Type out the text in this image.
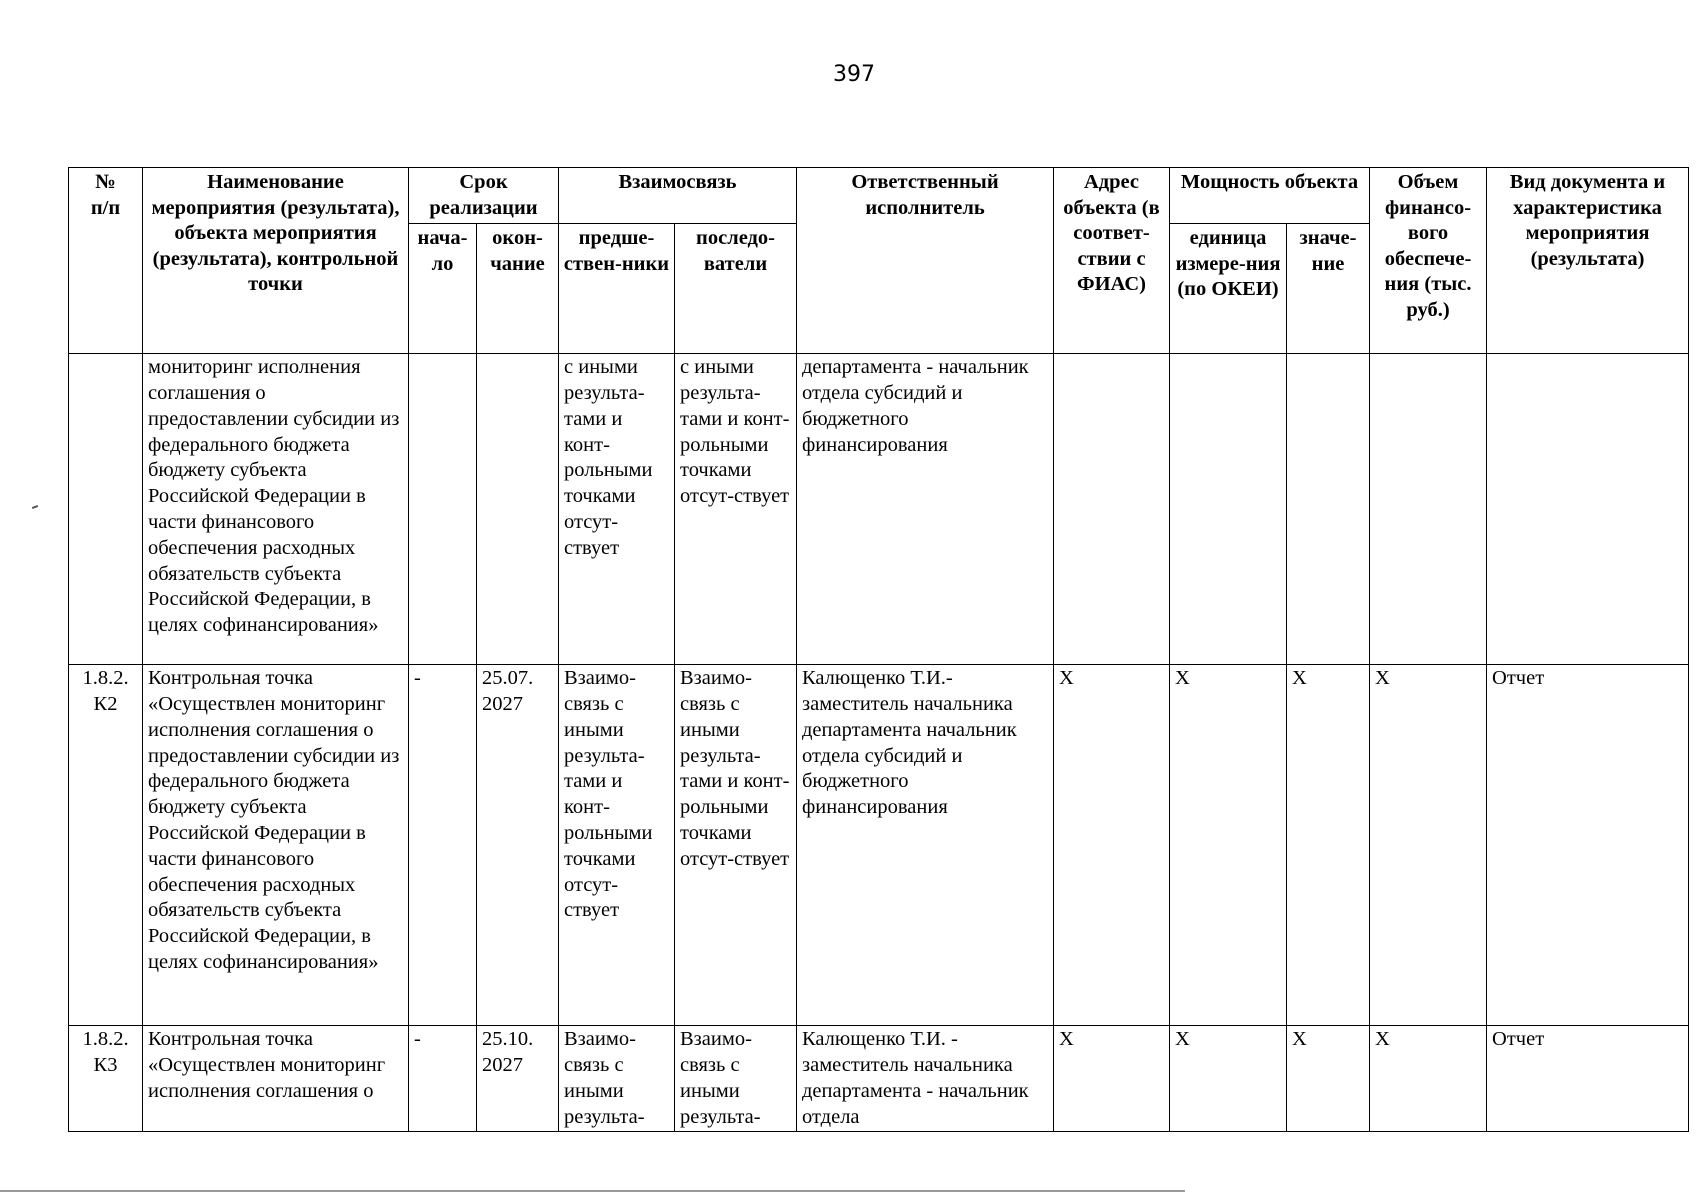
397
№ п/п	Наименование мероприятия (результата), объекта мероприятия (результата), контрольной точки	Срок реализации		Взаимосвязь		Ответственный исполнитель	Адрес объекта (в соответ-ствии с ФИАС)	Мощность объекта		Объем финансо-вого обеспече-ния (тыс. руб.)	Вид документа и характеристика мероприятия (результата)
		нача-ло	окон-чание	предше-ствен-ники	последо-ватели			единица измере-ния (по ОКЕИ)	значе-ние		
	мониторинг исполнения соглашения о предоставлении субсидии из федерального бюджета бюджету субъекта Российской Федерации в части финансового обеспечения расходных обязательств субъекта Российской Федерации, в целях софинансирования»			с иными результа-тами и конт-рольными точками отсут-ствует	с иными результа-тами и конт-рольными точками отсут-ствует	департамента - начальник отдела субсидий и бюджетного финансирования					
1.8.2. К2	Контрольная точка «Осуществлен мониторинг исполнения соглашения о предоставлении субсидии из федерального бюджета бюджету субъекта Российской Федерации в части финансового обеспечения расходных обязательств субъекта Российской Федерации, в целях софинансирования»	-	25.07. 2027	Взаимо-связь с иными результа-тами и конт-рольными точками отсут-ствует	Взаимо-связь с иными результа-тами и конт-рольными точками отсут-ствует	Калющенко Т.И.- заместитель начальника департамента начальник отдела субсидий и бюджетного финансирования	X	X	X	X	Отчет
1.8.2. К3	Контрольная точка «Осуществлен мониторинг исполнения соглашения о	-	25.10. 2027	Взаимо-связь с иными результа-	Взаимо-связь с иными результа-	Калющенко Т.И. - заместитель начальника департамента - начальник отдела	X	X	X	X	Отчет
